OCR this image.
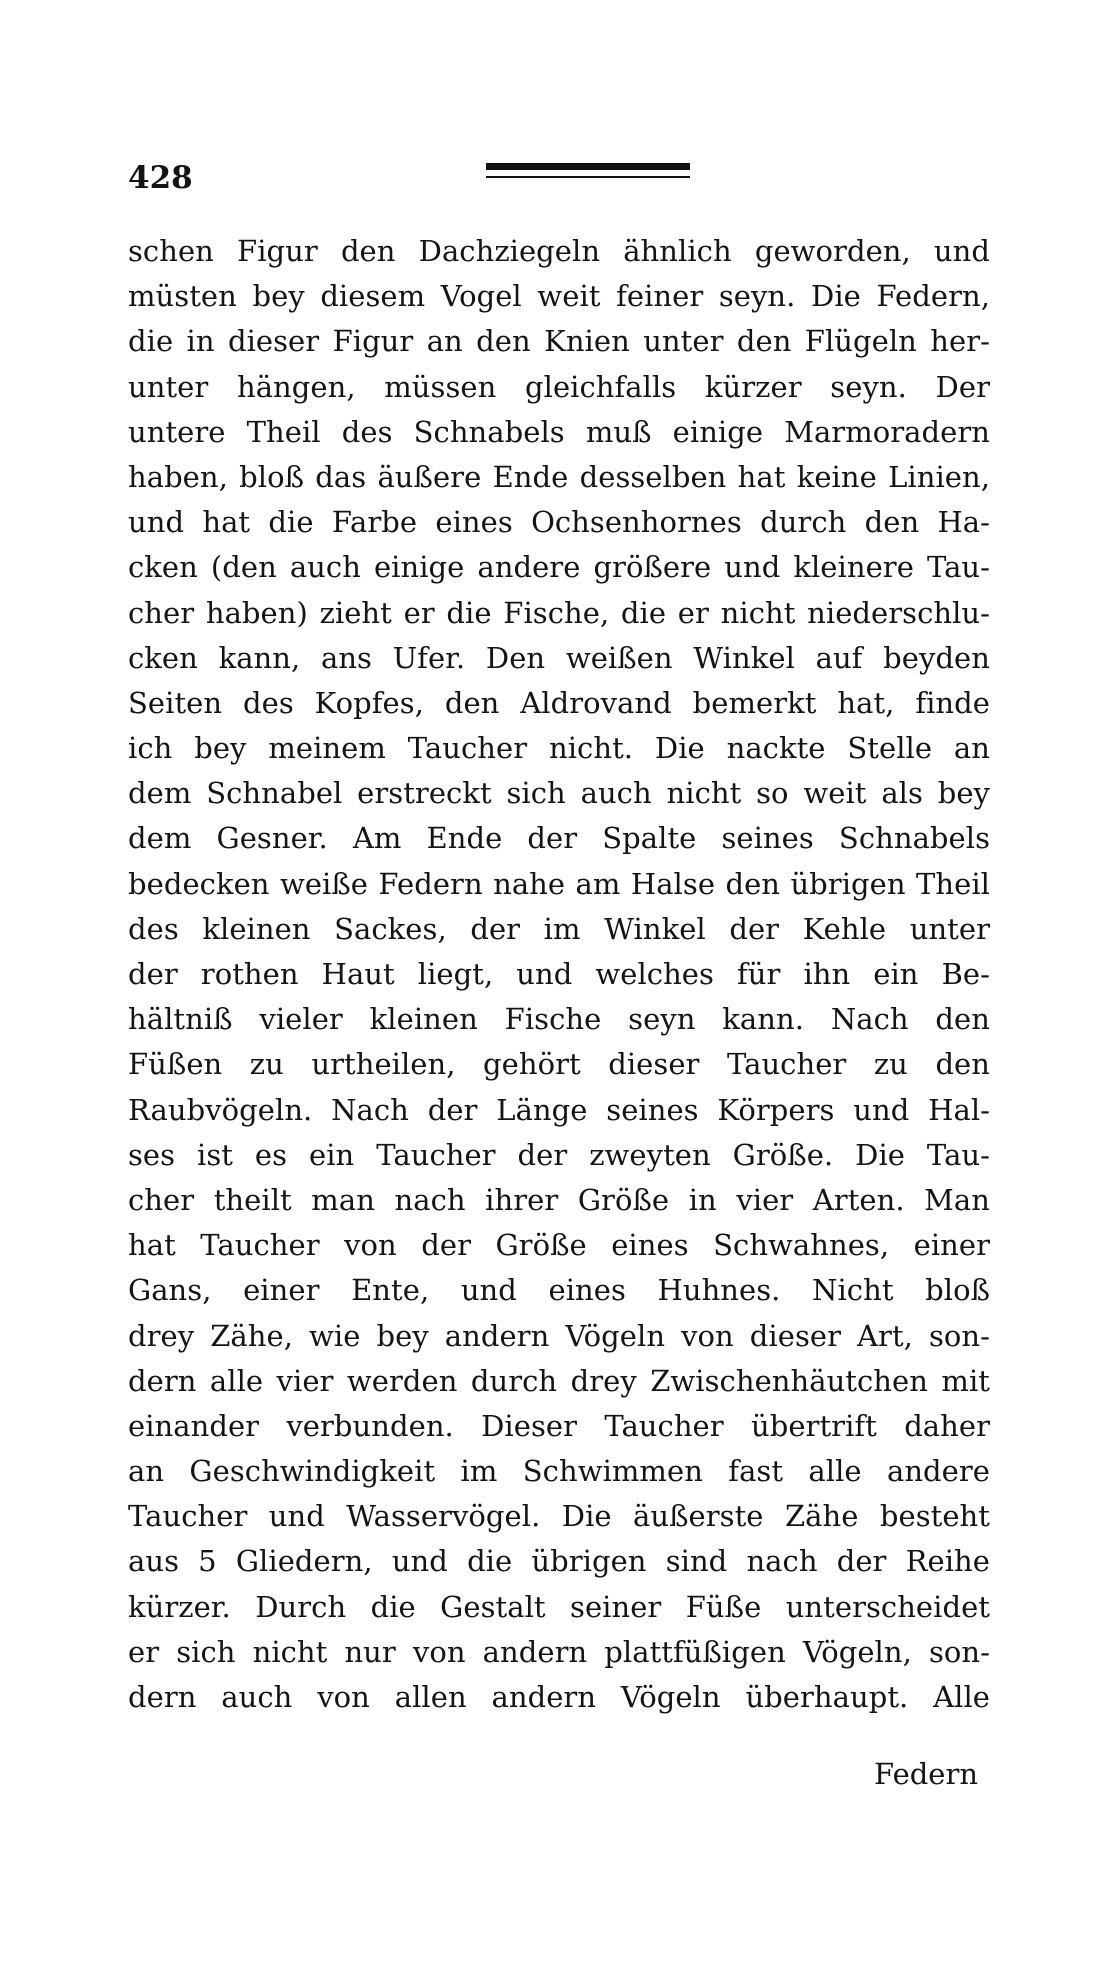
428
schen Figur den Dachziegeln ähnlich geworden, und
müsten bey diesem Vogel weit feiner seyn. Die Federn,
die in dieser Figur an den Knien unter den Flügeln her-
unter hängen, müssen gleichfalls kürzer seyn. Der
untere Theil des Schnabels muß einige Marmoradern
haben, bloß das äußere Ende desselben hat keine Linien,
und hat die Farbe eines Ochsenhornes durch den Ha-
cken (den auch einige andere größere und kleinere Tau-
cher haben) zieht er die Fische, die er nicht niederschlu-
cken kann, ans Ufer. Den weißen Winkel auf beyden
Seiten des Kopfes, den Aldrovand bemerkt hat, finde
ich bey meinem Taucher nicht. Die nackte Stelle an
dem Schnabel erstreckt sich auch nicht so weit als bey
dem Gesner. Am Ende der Spalte seines Schnabels
bedecken weiße Federn nahe am Halse den übrigen Theil
des kleinen Sackes, der im Winkel der Kehle unter
der rothen Haut liegt, und welches für ihn ein Be-
hältniß vieler kleinen Fische seyn kann. Nach den
Füßen zu urtheilen, gehört dieser Taucher zu den
Raubvögeln. Nach der Länge seines Körpers und Hal-
ses ist es ein Taucher der zweyten Größe. Die Tau-
cher theilt man nach ihrer Größe in vier Arten. Man
hat Taucher von der Größe eines Schwahnes, einer
Gans, einer Ente, und eines Huhnes. Nicht bloß
drey Zähe, wie bey andern Vögeln von dieser Art, son-
dern alle vier werden durch drey Zwischenhäutchen mit
einander verbunden. Dieser Taucher übertrift daher
an Geschwindigkeit im Schwimmen fast alle andere
Taucher und Wasservögel. Die äußerste Zähe besteht
aus 5 Gliedern, und die übrigen sind nach der Reihe
kürzer. Durch die Gestalt seiner Füße unterscheidet
er sich nicht nur von andern plattfüßigen Vögeln, son-
dern auch von allen andern Vögeln überhaupt. Alle
Federn
